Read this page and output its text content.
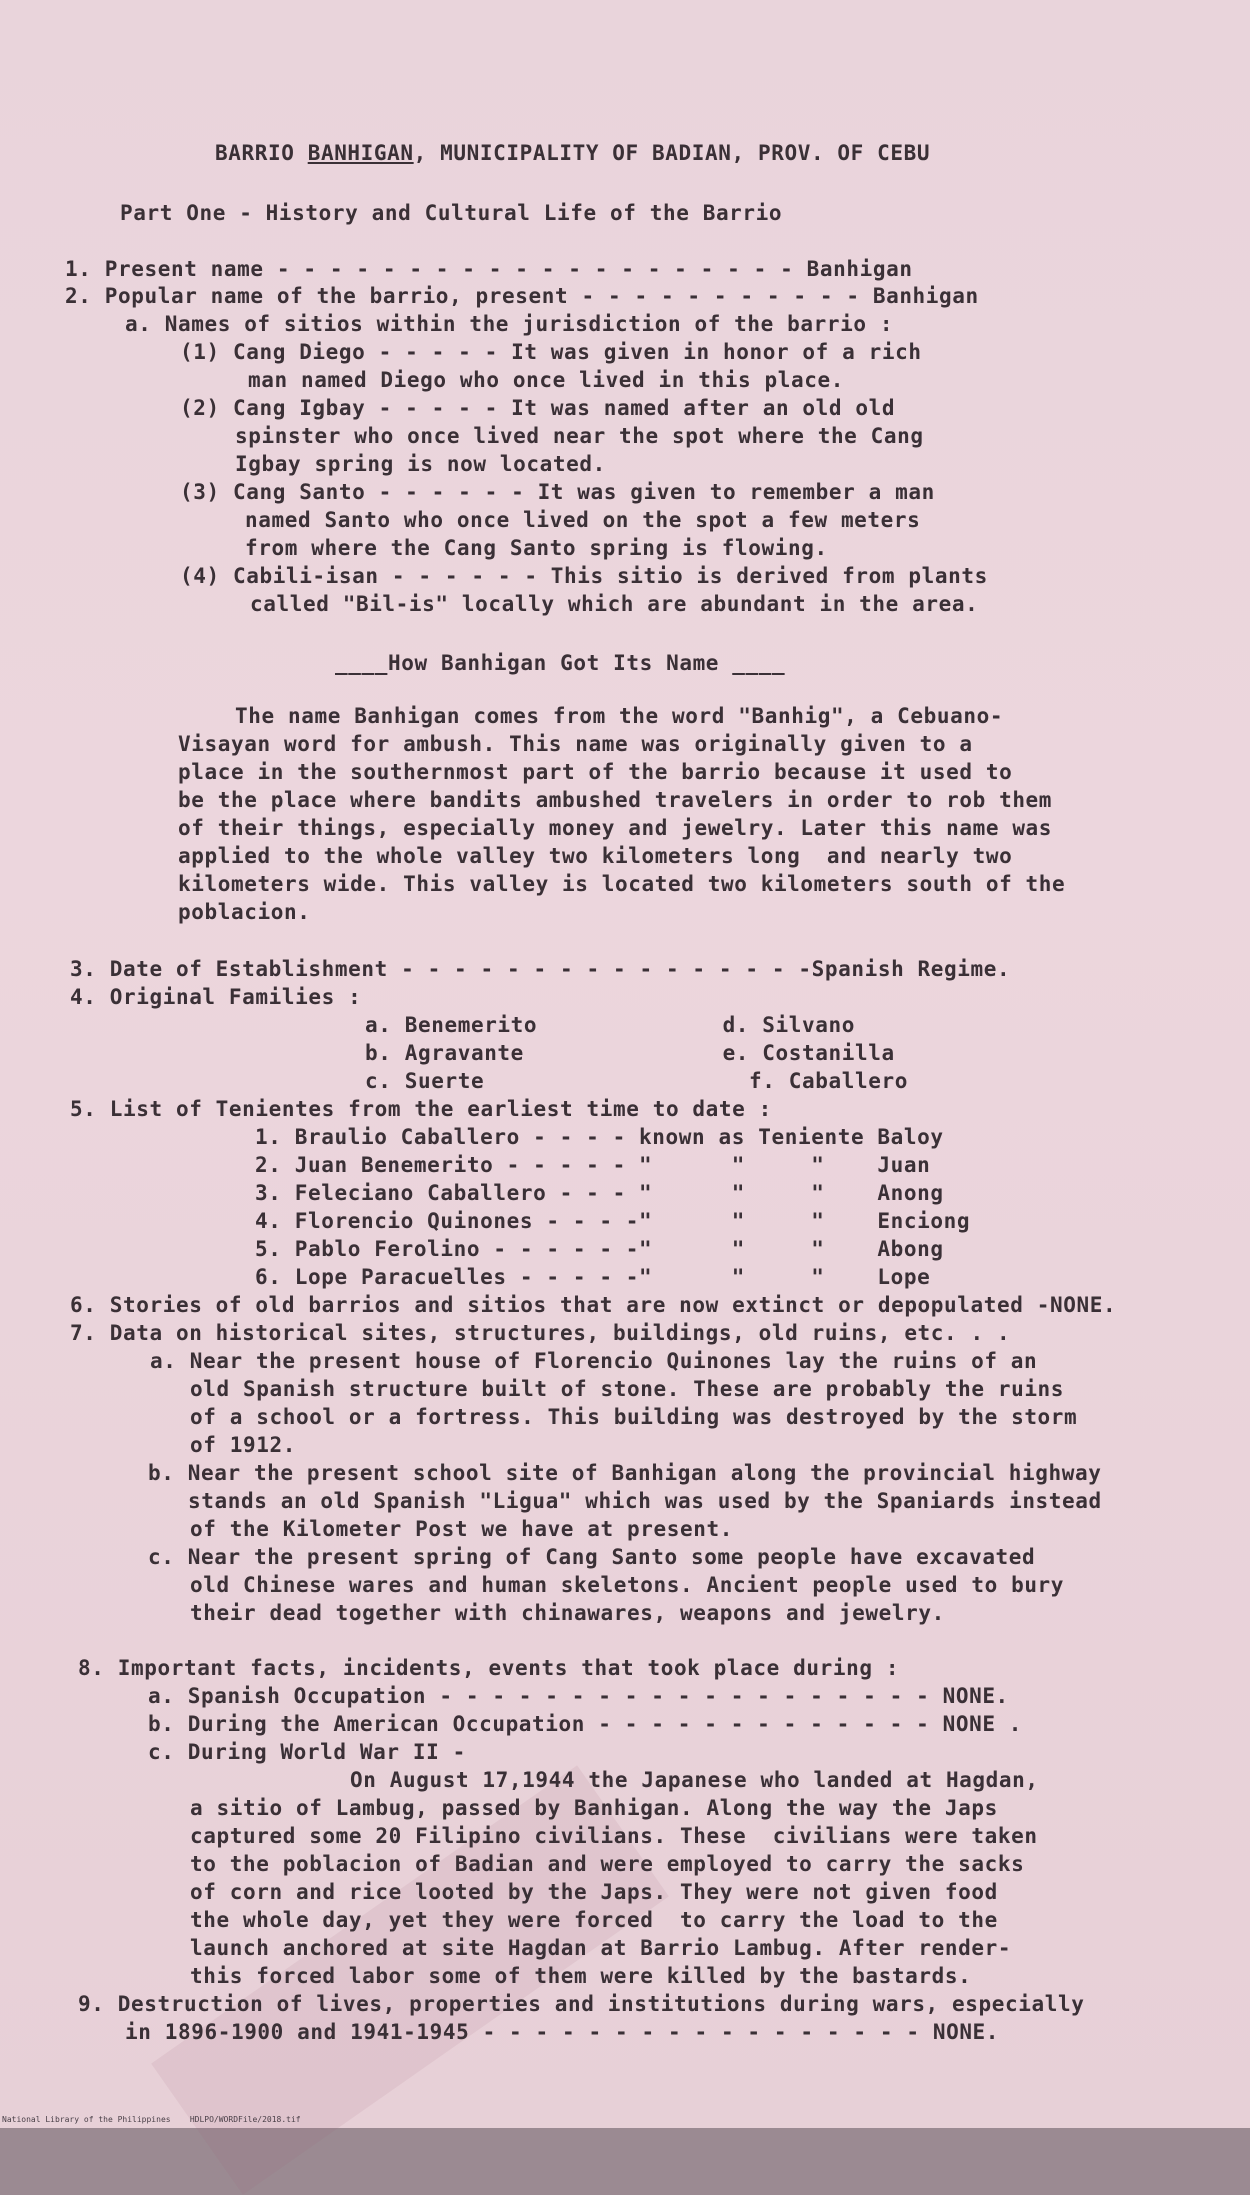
BARRIO BANHIGAN, MUNICIPALITY OF BADIAN, PROV. OF CEBU
Part One - History and Cultural Life of the Barrio
1. Present name - - - - - - - - - - - - - - - - - - - - Banhigan
2. Popular name of the barrio, present - - - - - - - - - - - Banhigan
a. Names of sitios within the jurisdiction of the barrio :
(1) Cang Diego - - - - - It was given in honor of a rich
man named Diego who once lived in this place.
(2) Cang Igbay - - - - - It was named after an old old
spinster who once lived near the spot where the Cang
Igbay spring is now located.
(3) Cang Santo - - - - - - It was given to remember a man
named Santo who once lived on the spot a few meters
from where the Cang Santo spring is flowing.
(4) Cabili-isan - - - - - - This sitio is derived from plants
called "Bil-is" locally which are abundant in the area.
____How Banhigan Got Its Name ____
The name Banhigan comes from the word "Banhig", a Cebuano-
Visayan word for ambush. This name was originally given to a
place in the southernmost part of the barrio because it used to
be the place where bandits ambushed travelers in order to rob them
of their things, especially money and jewelry. Later this name was
applied to the whole valley two kilometers long  and nearly two
kilometers wide. This valley is located two kilometers south of the
poblacion.
3. Date of Establishment - - - - - - - - - - - - - - - -Spanish Regime.
4. Original Families :
a. Benemerito              d. Silvano
b. Agravante               e. Costanilla
c. Suerte                    f. Caballero
5. List of Tenientes from the earliest time to date :
1. Braulio Caballero - - - - known as Teniente Baloy
2. Juan Benemerito - - - - - "      "     "    Juan
3. Feleciano Caballero - - - "      "     "    Anong
4. Florencio Quinones - - - -"      "     "    Enciong
5. Pablo Ferolino - - - - - -"      "     "    Abong
6. Lope Paracuelles - - - - -"      "     "    Lope
6. Stories of old barrios and sitios that are now extinct or depopulated -NONE.
7. Data on historical sites, structures, buildings, old ruins, etc. . .
a. Near the present house of Florencio Quinones lay the ruins of an
old Spanish structure built of stone. These are probably the ruins
of a school or a fortress. This building was destroyed by the storm
of 1912.
b. Near the present school site of Banhigan along the provincial highway
stands an old Spanish "Ligua" which was used by the Spaniards instead
of the Kilometer Post we have at present.
c. Near the present spring of Cang Santo some people have excavated
old Chinese wares and human skeletons. Ancient people used to bury
their dead together with chinawares, weapons and jewelry.
8. Important facts, incidents, events that took place during :
a. Spanish Occupation - - - - - - - - - - - - - - - - - - - NONE.
b. During the American Occupation - - - - - - - - - - - - - NONE .
c. During World War II -
On August 17,1944 the Japanese who landed at Hagdan,
a sitio of Lambug, passed by Banhigan. Along the way the Japs
captured some 20 Filipino civilians. These  civilians were taken
to the poblacion of Badian and were employed to carry the sacks
of corn and rice looted by the Japs. They were not given food
the whole day, yet they were forced  to carry the load to the
launch anchored at site Hagdan at Barrio Lambug. After render-
this forced labor some of them were killed by the bastards.
9. Destruction of lives, properties and institutions during wars, especially
in 1896-1900 and 1941-1945 - - - - - - - - - - - - - - - - - NONE.
National Library of the Philippines    HDLPO/WORDFile/2018.tif
